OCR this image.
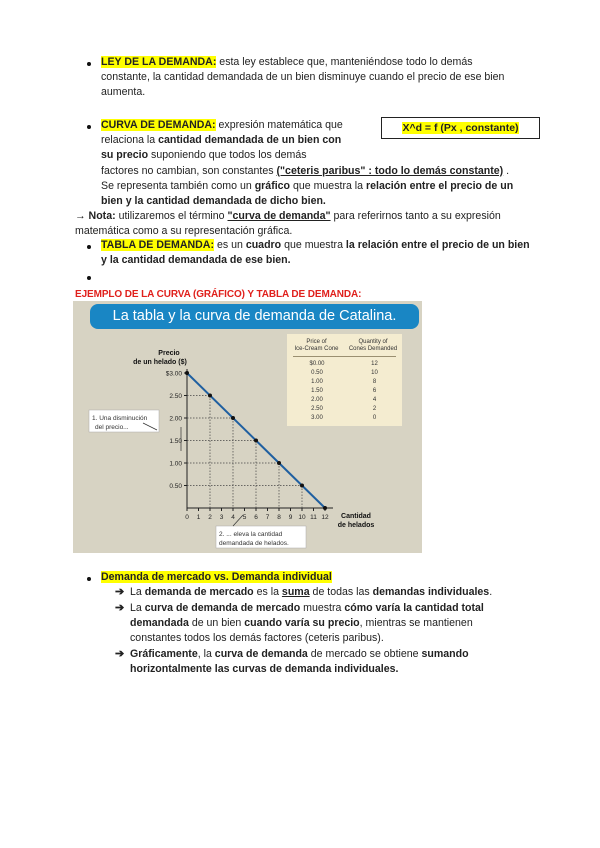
LEY DE LA DEMANDA: esta ley establece que, manteniéndose todo lo demás
constante, la cantidad demandada de un bien disminuye cuando el precio de ese bien
aumenta.
CURVA DE DEMANDA: expresión matemática que
relaciona la cantidad demandada de un bien con
su precio suponiendo que todos los demás
factores no cambian, son constantes ("ceteris paribus" : todo lo demás constante) .
Se representa también como un gráfico que muestra la relación entre el precio de un
bien y la cantidad demandada de dicho bien.
X^d = f (Px , constante)
→ Nota: utilizaremos el término "curva de demanda" para referirnos tanto a su expresión
matemática como a su representación gráfica.
TABLA DE DEMANDA: es un cuadro que muestra la relación entre el precio de un bien
y la cantidad demandada de ese bien.
EJEMPLO DE LA CURVA (GRÁFICO) Y TABLA DE DEMANDA:
La tabla y la curva de demanda de Catalina.
Price of
Ice-Cream Cone
Quantity of
Cones Demanded
$0.00	12
0.50	10
1.00	8
1.50	6
2.00	4
2.50	2
3.00	0
$3.00
2.50
2.00
1.50
1.00
0.50
0 1 2 3 4 5 6 7 8 9 10 11 12
Precio
de un helado ($)
Cantidad
de helados
1. Una disminución
del precio...
2. ... eleva la cantidad
demandada de helados.
Demanda de mercado vs. Demanda individual
➔ La demanda de mercado es la suma de todas las demandas individuales.
➔ La curva de demanda de mercado muestra cómo varía la cantidad total
demandada de un bien cuando varía su precio, mientras se mantienen
constantes todos los demás factores (ceteris paribus).
➔ Gráficamente, la curva de demanda de mercado se obtiene sumando
horizontalmente las curvas de demanda individuales.
